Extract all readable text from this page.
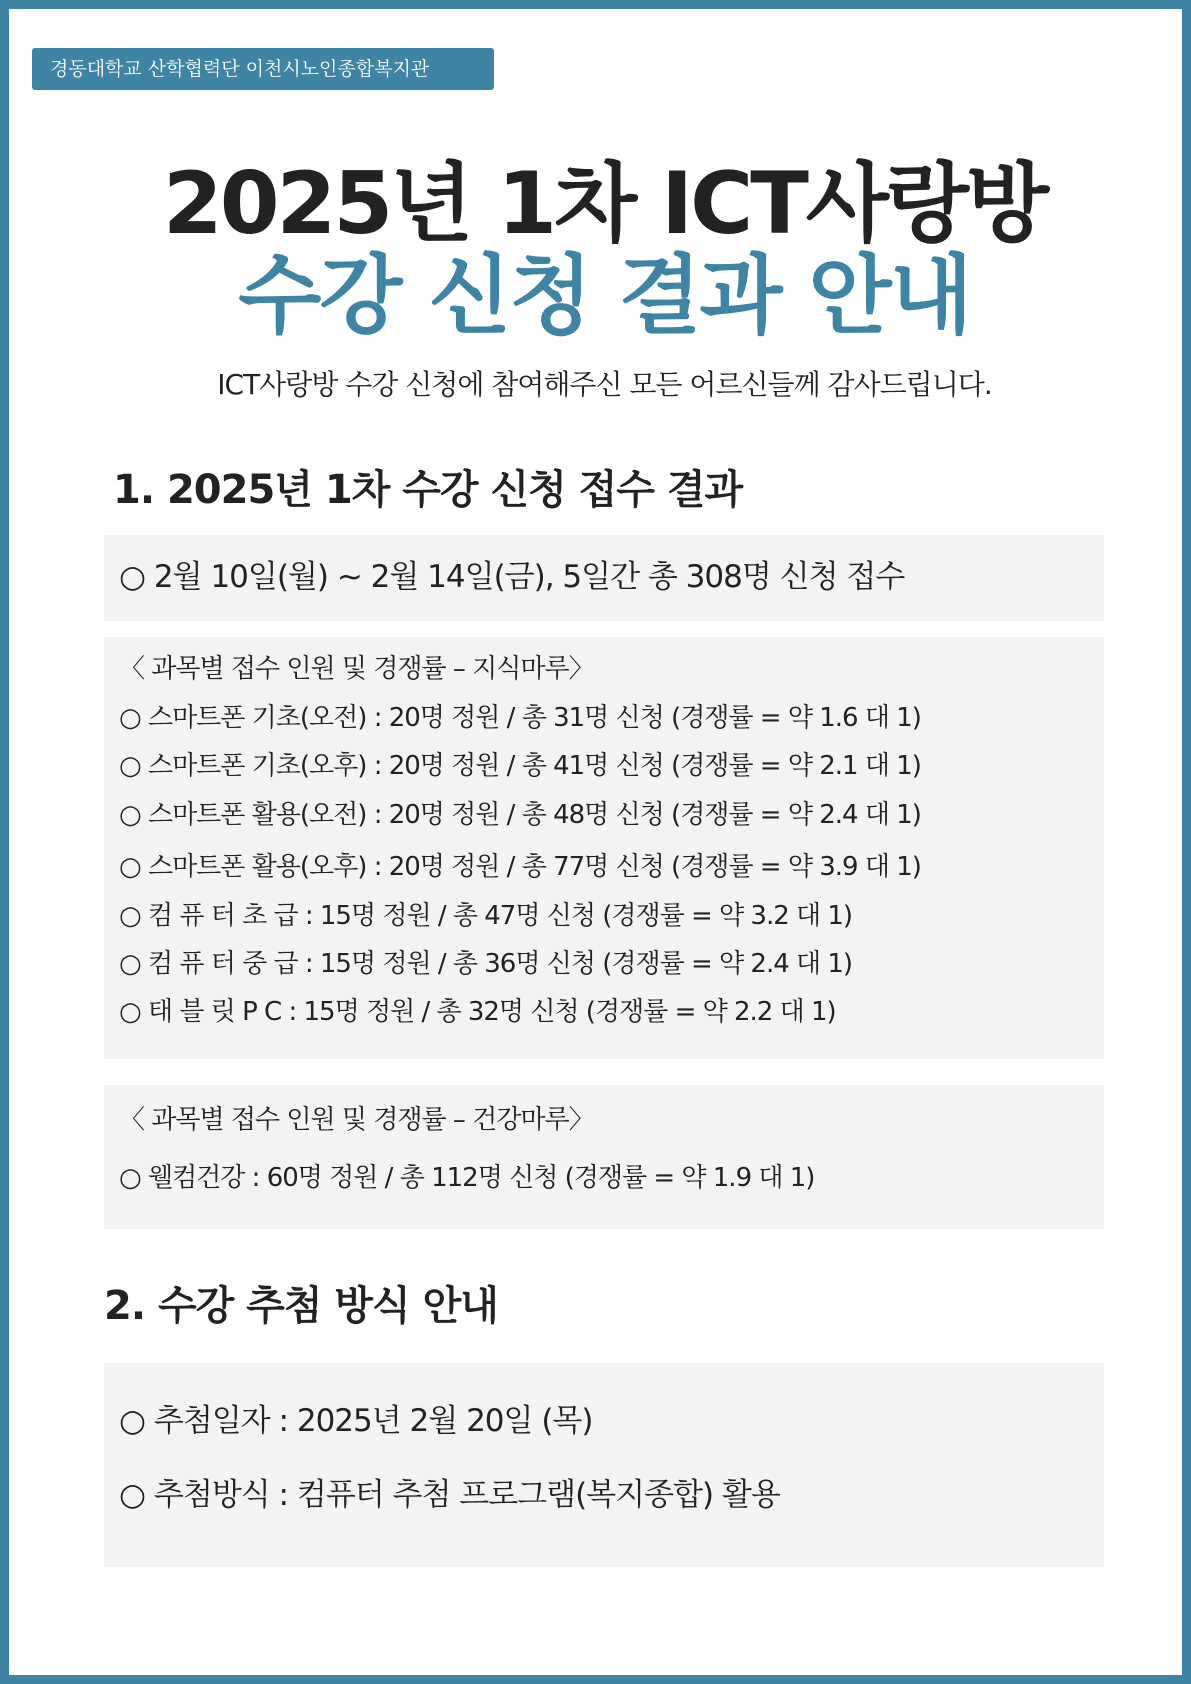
경동대학교 산학협력단 이천시노인종합복지관
2025년 1차 ICT사랑방
수강 신청 결과 안내
ICT사랑방 수강 신청에 참여해주신 모든 어르신들께 감사드립니다.
1. 2025년 1차 수강 신청 접수 결과
○ 2월 10일(월) ~ 2월 14일(금), 5일간 총 308명 신청 접수
〈 과목별 접수 인원 및 경쟁률 – 지식마루〉
○ 스마트폰 기초(오전) : 20명 정원 / 총 31명 신청 (경쟁률 = 약 1.6 대 1)
○ 스마트폰 기초(오후) : 20명 정원 / 총 41명 신청 (경쟁률 = 약 2.1 대 1)
○ 스마트폰 활용(오전) : 20명 정원 / 총 48명 신청 (경쟁률 = 약 2.4 대 1)
○ 스마트폰 활용(오후) : 20명 정원 / 총 77명 신청 (경쟁률 = 약 3.9 대 1)
○ 컴 퓨 터 초 급 : 15명 정원 / 총 47명 신청 (경쟁률 = 약 3.2 대 1)
○ 컴 퓨 터 중 급 : 15명 정원 / 총 36명 신청 (경쟁률 = 약 2.4 대 1)
○ 태 블 릿 P C : 15명 정원 / 총 32명 신청 (경쟁률 = 약 2.2 대 1)
〈 과목별 접수 인원 및 경쟁률 – 건강마루〉
○ 웰컴건강 : 60명 정원 / 총 112명 신청 (경쟁률 = 약 1.9 대 1)
2. 수강 추첨 방식 안내
○ 추첨일자 : 2025년 2월 20일 (목)
○ 추첨방식 : 컴퓨터 추첨 프로그램(복지종합) 활용
